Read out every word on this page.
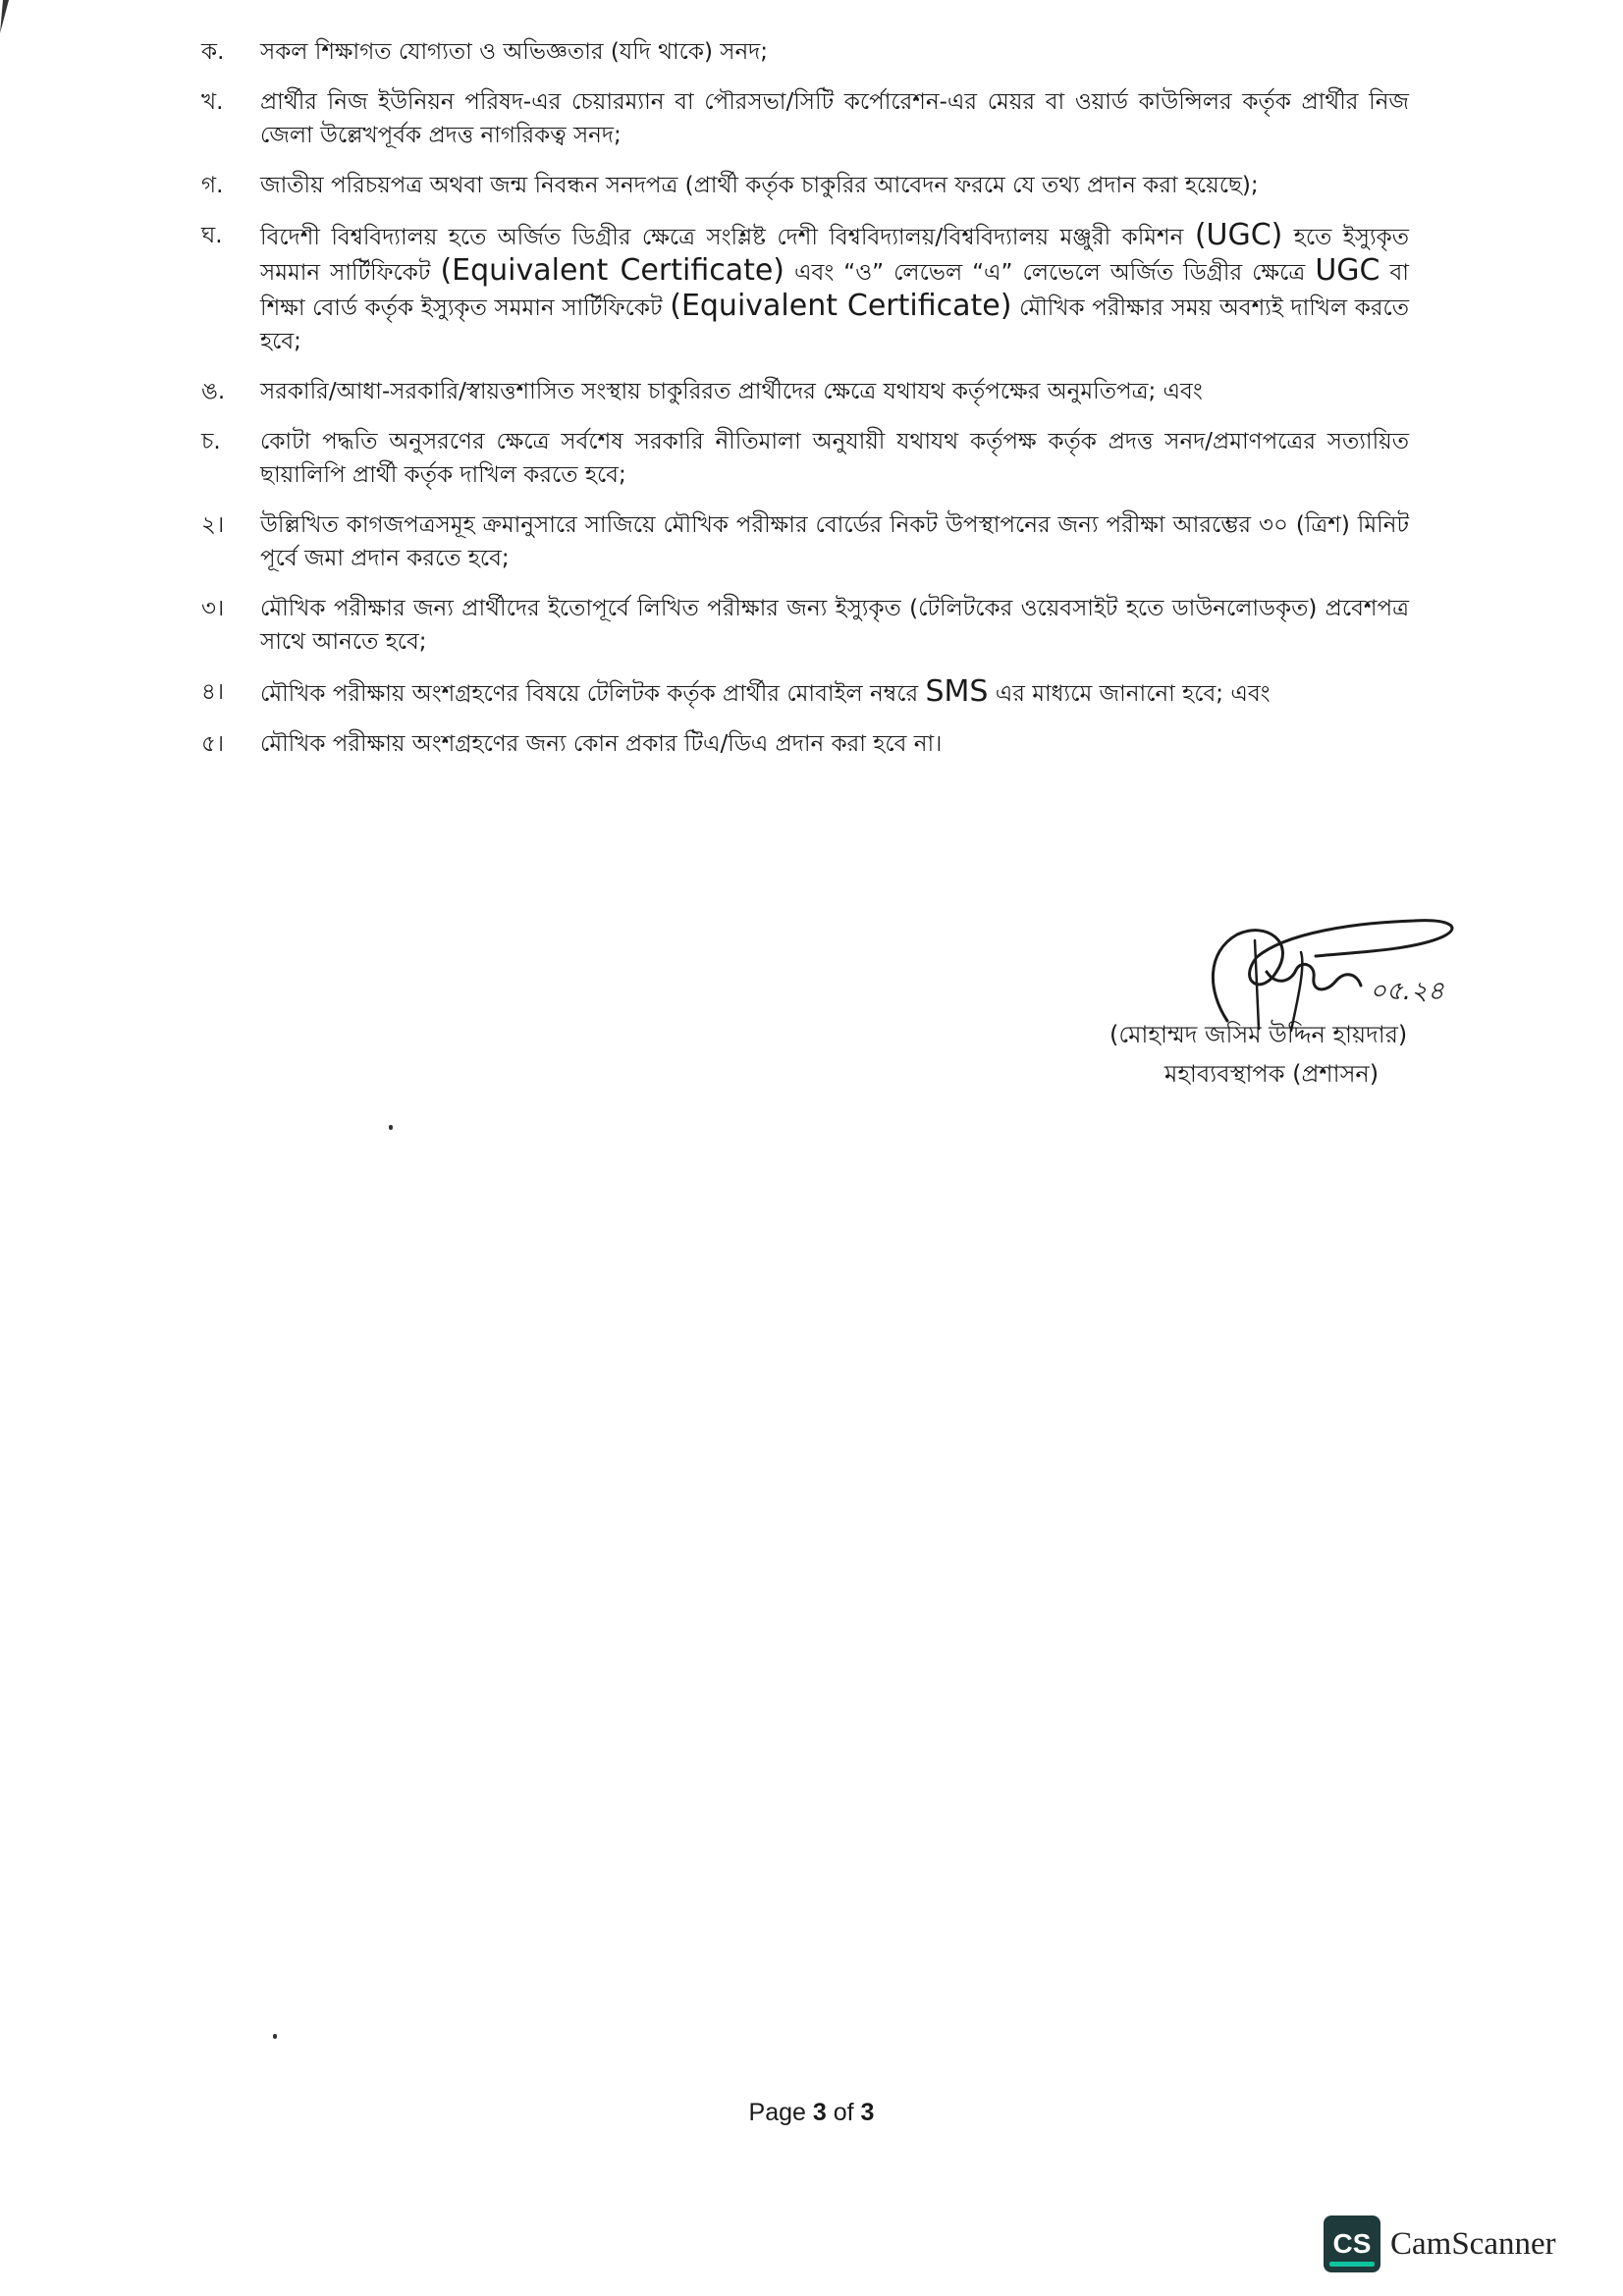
ক.	সকল শিক্ষাগত যোগ্যতা ও অভিজ্ঞতার (যদি থাকে) সনদ;
খ.	প্রার্থীর নিজ ইউনিয়ন পরিষদ-এর চেয়ারম্যান বা পৌরসভা/সিটি কর্পোরেশন-এর মেয়র বা ওয়ার্ড কাউন্সিলর কর্তৃক প্রার্থীর নিজ জেলা উল্লেখপূর্বক প্রদত্ত নাগরিকত্ব সনদ;
গ.	জাতীয় পরিচয়পত্র অথবা জন্ম নিবন্ধন সনদপত্র (প্রার্থী কর্তৃক চাকুরির আবেদন ফরমে যে তথ্য প্রদান করা হয়েছে);
ঘ.	বিদেশী বিশ্ববিদ্যালয় হতে অর্জিত ডিগ্রীর ক্ষেত্রে সংশ্লিষ্ট দেশী বিশ্ববিদ্যালয়/বিশ্ববিদ্যালয় মঞ্জুরী কমিশন (UGC) হতে ইস্যুকৃত সমমান সার্টিফিকেট (Equivalent Certificate) এবং “ও” লেভেল “এ” লেভেলে অর্জিত ডিগ্রীর ক্ষেত্রে UGC বা শিক্ষা বোর্ড কর্তৃক ইস্যুকৃত সমমান সার্টিফিকেট (Equivalent Certificate) মৌখিক পরীক্ষার সময় অবশ্যই দাখিল করতে হবে;
ঙ.	সরকারি/আধা-সরকারি/স্বায়ত্তশাসিত সংস্থায় চাকুরিরত প্রার্থীদের ক্ষেত্রে যথাযথ কর্তৃপক্ষের অনুমতিপত্র; এবং
চ.	কোটা পদ্ধতি অনুসরণের ক্ষেত্রে সর্বশেষ সরকারি নীতিমালা অনুযায়ী যথাযথ কর্তৃপক্ষ কর্তৃক প্রদত্ত সনদ/প্রমাণপত্রের সত্যায়িত ছায়ালিপি প্রার্থী কর্তৃক দাখিল করতে হবে;
২।	উল্লিখিত কাগজপত্রসমূহ ক্রমানুসারে সাজিয়ে মৌখিক পরীক্ষার বোর্ডের নিকট উপস্থাপনের জন্য পরীক্ষা আরম্ভের ৩০ (ত্রিশ) মিনিট পূর্বে জমা প্রদান করতে হবে;
৩।	মৌখিক পরীক্ষার জন্য প্রার্থীদের ইতোপূর্বে লিখিত পরীক্ষার জন্য ইস্যুকৃত (টেলিটকের ওয়েবসাইট হতে ডাউনলোডকৃত) প্রবেশপত্র সাথে আনতে হবে;
৪।	মৌখিক পরীক্ষায় অংশগ্রহণের বিষয়ে টেলিটক কর্তৃক প্রার্থীর মোবাইল নম্বরে SMS এর মাধ্যমে জানানো হবে; এবং
৫।	মৌখিক পরীক্ষায় অংশগ্রহণের জন্য কোন প্রকার টিএ/ডিএ প্রদান করা হবে না।
০৫.২৪
(মোহাম্মদ জসিম উদ্দিন হায়দার)
মহাব্যবস্থাপক (প্রশাসন)
Page 3 of 3
CS CamScanner
